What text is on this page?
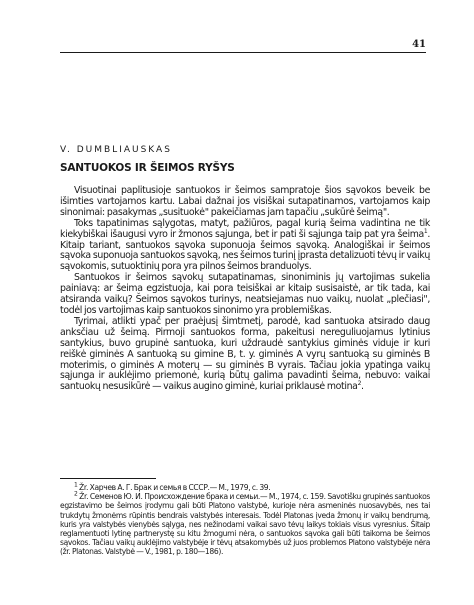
41
V. DUMBLIAUSKAS
SANTUOKOS IR ŠEIMOS RYŠYS

Visuotinai paplitusioje santuokos ir šeimos sampratoje šios sąvokos beveik be išimties vartojamos kartu. Labai dažnai jos visiškai sutapatinamos, vartojamos kaip sinonimai: pasakymas „susituokė" pakeičiamas jam tapačiu „sukūrė šeimą".

Toks tapatinimas sąlygotas, matyt, pažiūros, pagal kurią šeima vadintina ne tik kiekybiškai išaugusi vyro ir žmonos sąjunga, bet ir pati ši sąjunga taip pat yra šeima$^1$. Kitaip tariant, santuokos sąvoka suponuoja šeimos sąvoką. Analogiškai ir šeimos sąvoka suponuoja santuokos sąvoką, nes šeimos turinį įprasta detalizuoti tėvų ir vaikų sąvokomis, sutuoktinių pora yra pilnos šeimos branduolys.

Santuokos ir šeimos sąvokų sutapatinamas, sinoniminis jų vartojimas sukelia painiavą: ar šeima egzistuoja, kai pora teisiškai ar kitaip susisaistė, ar tik tada, kai atsiranda vaikų? Šeimos sąvokos turinys, neatsiejamas nuo vaikų, nuolat „plečiasi", todėl jos vartojimas kaip santuokos sinonimo yra problemiškas.

Tyrimai, atlikti ypač per praėjusį šimtmetį, parodė, kad santuoka atsirado daug anksčiau už šeimą. Pirmoji santuokos forma, pakeitusi nereguliuojamus lytinius santykius, buvo grupinė santuoka, kuri uždraudė santykius giminės viduje ir kuri reiškė giminės A santuoką su gimine B, t. y. giminės A vyrų santuoką su giminės B moterimis, o giminės A moterų — su giminės B vyrais. Tačiau jokia ypatinga vaikų sąjunga ir auklėjimo priemonė, kurią būtų galima pavadinti šeima, nebuvo: vaikai santuokų nesusikūrė — vaikus augino giminė, kuriai priklausė motina$^2$.

$^1$ Žr. Харчев А. Г. Брак и семья в СССР.— М., 1979, с. 39.

$^2$ Žr. Семенов Ю. И. Происхождение брака и семьи.— М., 1974, с. 159. Savotišku grupinės santuokos egzistavimo be šeimos įrodymu gali būti Platono valstybė, kurioje nėra asmeninės nuosavybės, nes tai trukdytų žmonėms rūpintis bendrais valstybės interesais. Todėl Platonas įveda žmonų ir vaikų bendrumą, kuris yra valstybės vienybės sąlyga, nes nežinodami vaikai savo tėvų laikys tokiais visus vyresnius. Šitaip reglamentuoti lytinę partnerystę su kitu žmogumi nėra, o santuokos sąvoka gali būti taikoma be šeimos sąvokos. Tačiau vaikų auklėjimo valstybėje ir tėvų atsakomybės už juos problemos Platono valstybėje nėra (žr. Platonas. Valstybė — V., 1981, p. 180—186).
